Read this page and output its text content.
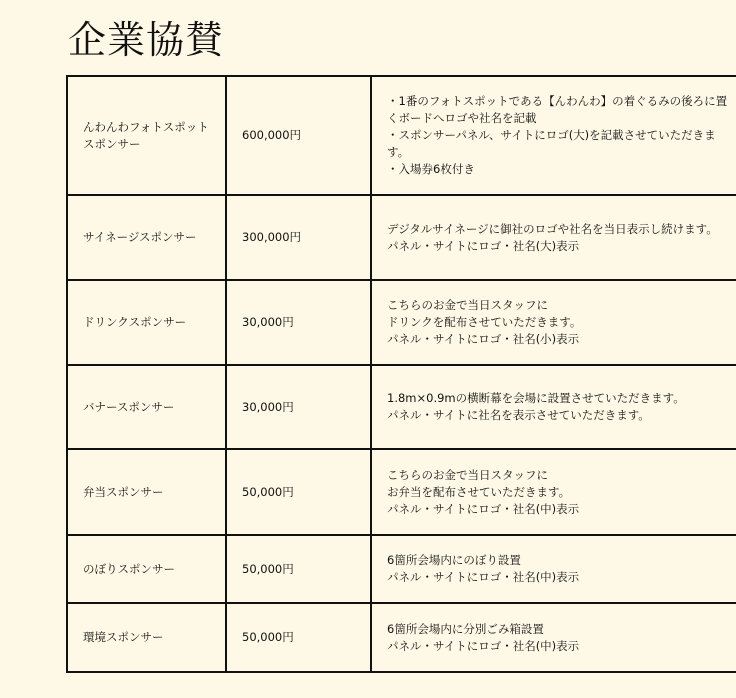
企業協賛
んわんわフォトスポットスポンサー	600,000円	・1番のフォトスポットである【んわんわ】の着ぐるみの後ろに置くボードへロゴや社名を記載
・スポンサーパネル、サイトにロゴ(大)を記載させていただきます。
・入場券6枚付き

サイネージスポンサー	300,000円	デジタルサイネージに御社のロゴや社名を当日表示し続けます。
パネル・サイトにロゴ・社名(大)表示

ドリンクスポンサー	30,000円	こちらのお金で当日スタッフに
ドリンクを配布させていただきます。
パネル・サイトにロゴ・社名(小)表示

バナースポンサー	30,000円	1.8m×0.9mの横断幕を会場に設置させていただきます。
パネル・サイトに社名を表示させていただきます。

弁当スポンサー	50,000円	こちらのお金で当日スタッフに
お弁当を配布させていただきます。
パネル・サイトにロゴ・社名(中)表示

のぼりスポンサー	50,000円	6箇所会場内にのぼり設置
パネル・サイトにロゴ・社名(中)表示

環境スポンサー	50,000円	6箇所会場内に分別ごみ箱設置
パネル・サイトにロゴ・社名(中)表示
